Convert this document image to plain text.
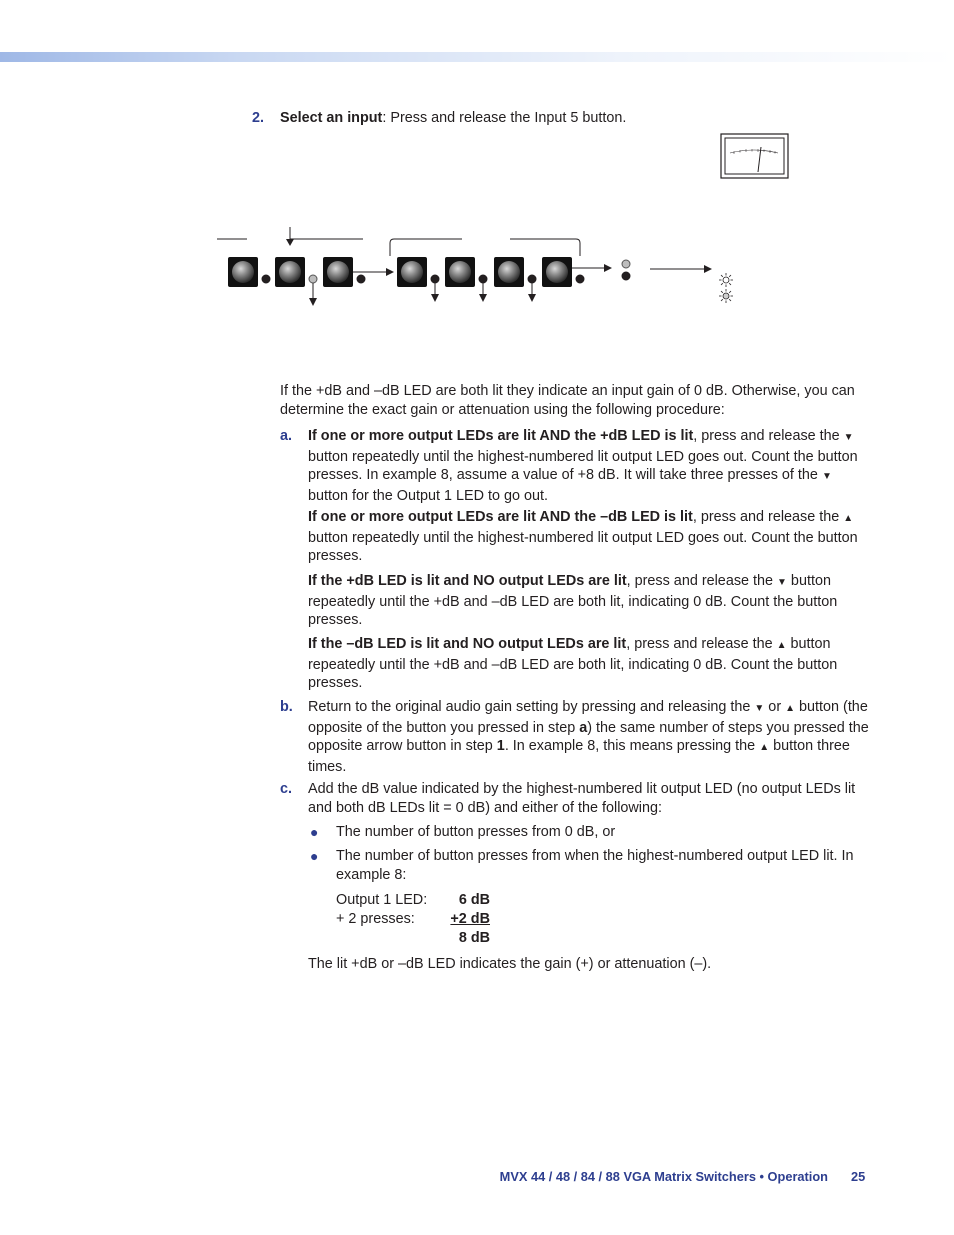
2. Select an input: Press and release the Input 5 button.
If the +dB and –dB LED are both lit they indicate an input gain of 0 dB. Otherwise, you can determine the exact gain or attenuation using the following procedure:
a. If one or more output LEDs are lit AND the +dB LED is lit, press and release the ▼ button repeatedly until the highest-numbered lit output LED goes out. Count the button presses. In example 8, assume a value of +8 dB. It will take three presses of the ▼ button for the Output 1 LED to go out.
If one or more output LEDs are lit AND the –dB LED is lit, press and release the ▲ button repeatedly until the highest-numbered lit output LED goes out. Count the button presses.
If the +dB LED is lit and NO output LEDs are lit, press and release the ▼ button repeatedly until the +dB and –dB LED are both lit, indicating 0 dB. Count the button presses.
If the –dB LED is lit and NO output LEDs are lit, press and release the ▲ button repeatedly until the +dB and –dB LED are both lit, indicating 0 dB. Count the button presses.
b. Return to the original audio gain setting by pressing and releasing the ▼ or ▲ button (the opposite of the button you pressed in step a) the same number of steps you pressed the opposite arrow button in step 1. In example 8, this means pressing the ▲ button three times.
c. Add the dB value indicated by the highest-numbered lit output LED (no output LEDs lit and both dB LEDs lit = 0 dB) and either of the following:
● The number of button presses from 0 dB, or
● The number of button presses from when the highest-numbered output LED lit. In example 8:
Output 1 LED:	6 dB
+ 2 presses:	+2 dB
8 dB
The lit +dB or –dB LED indicates the gain (+) or attenuation (–).
MVX 44 / 48 / 84 / 88 VGA Matrix Switchers • Operation 25
